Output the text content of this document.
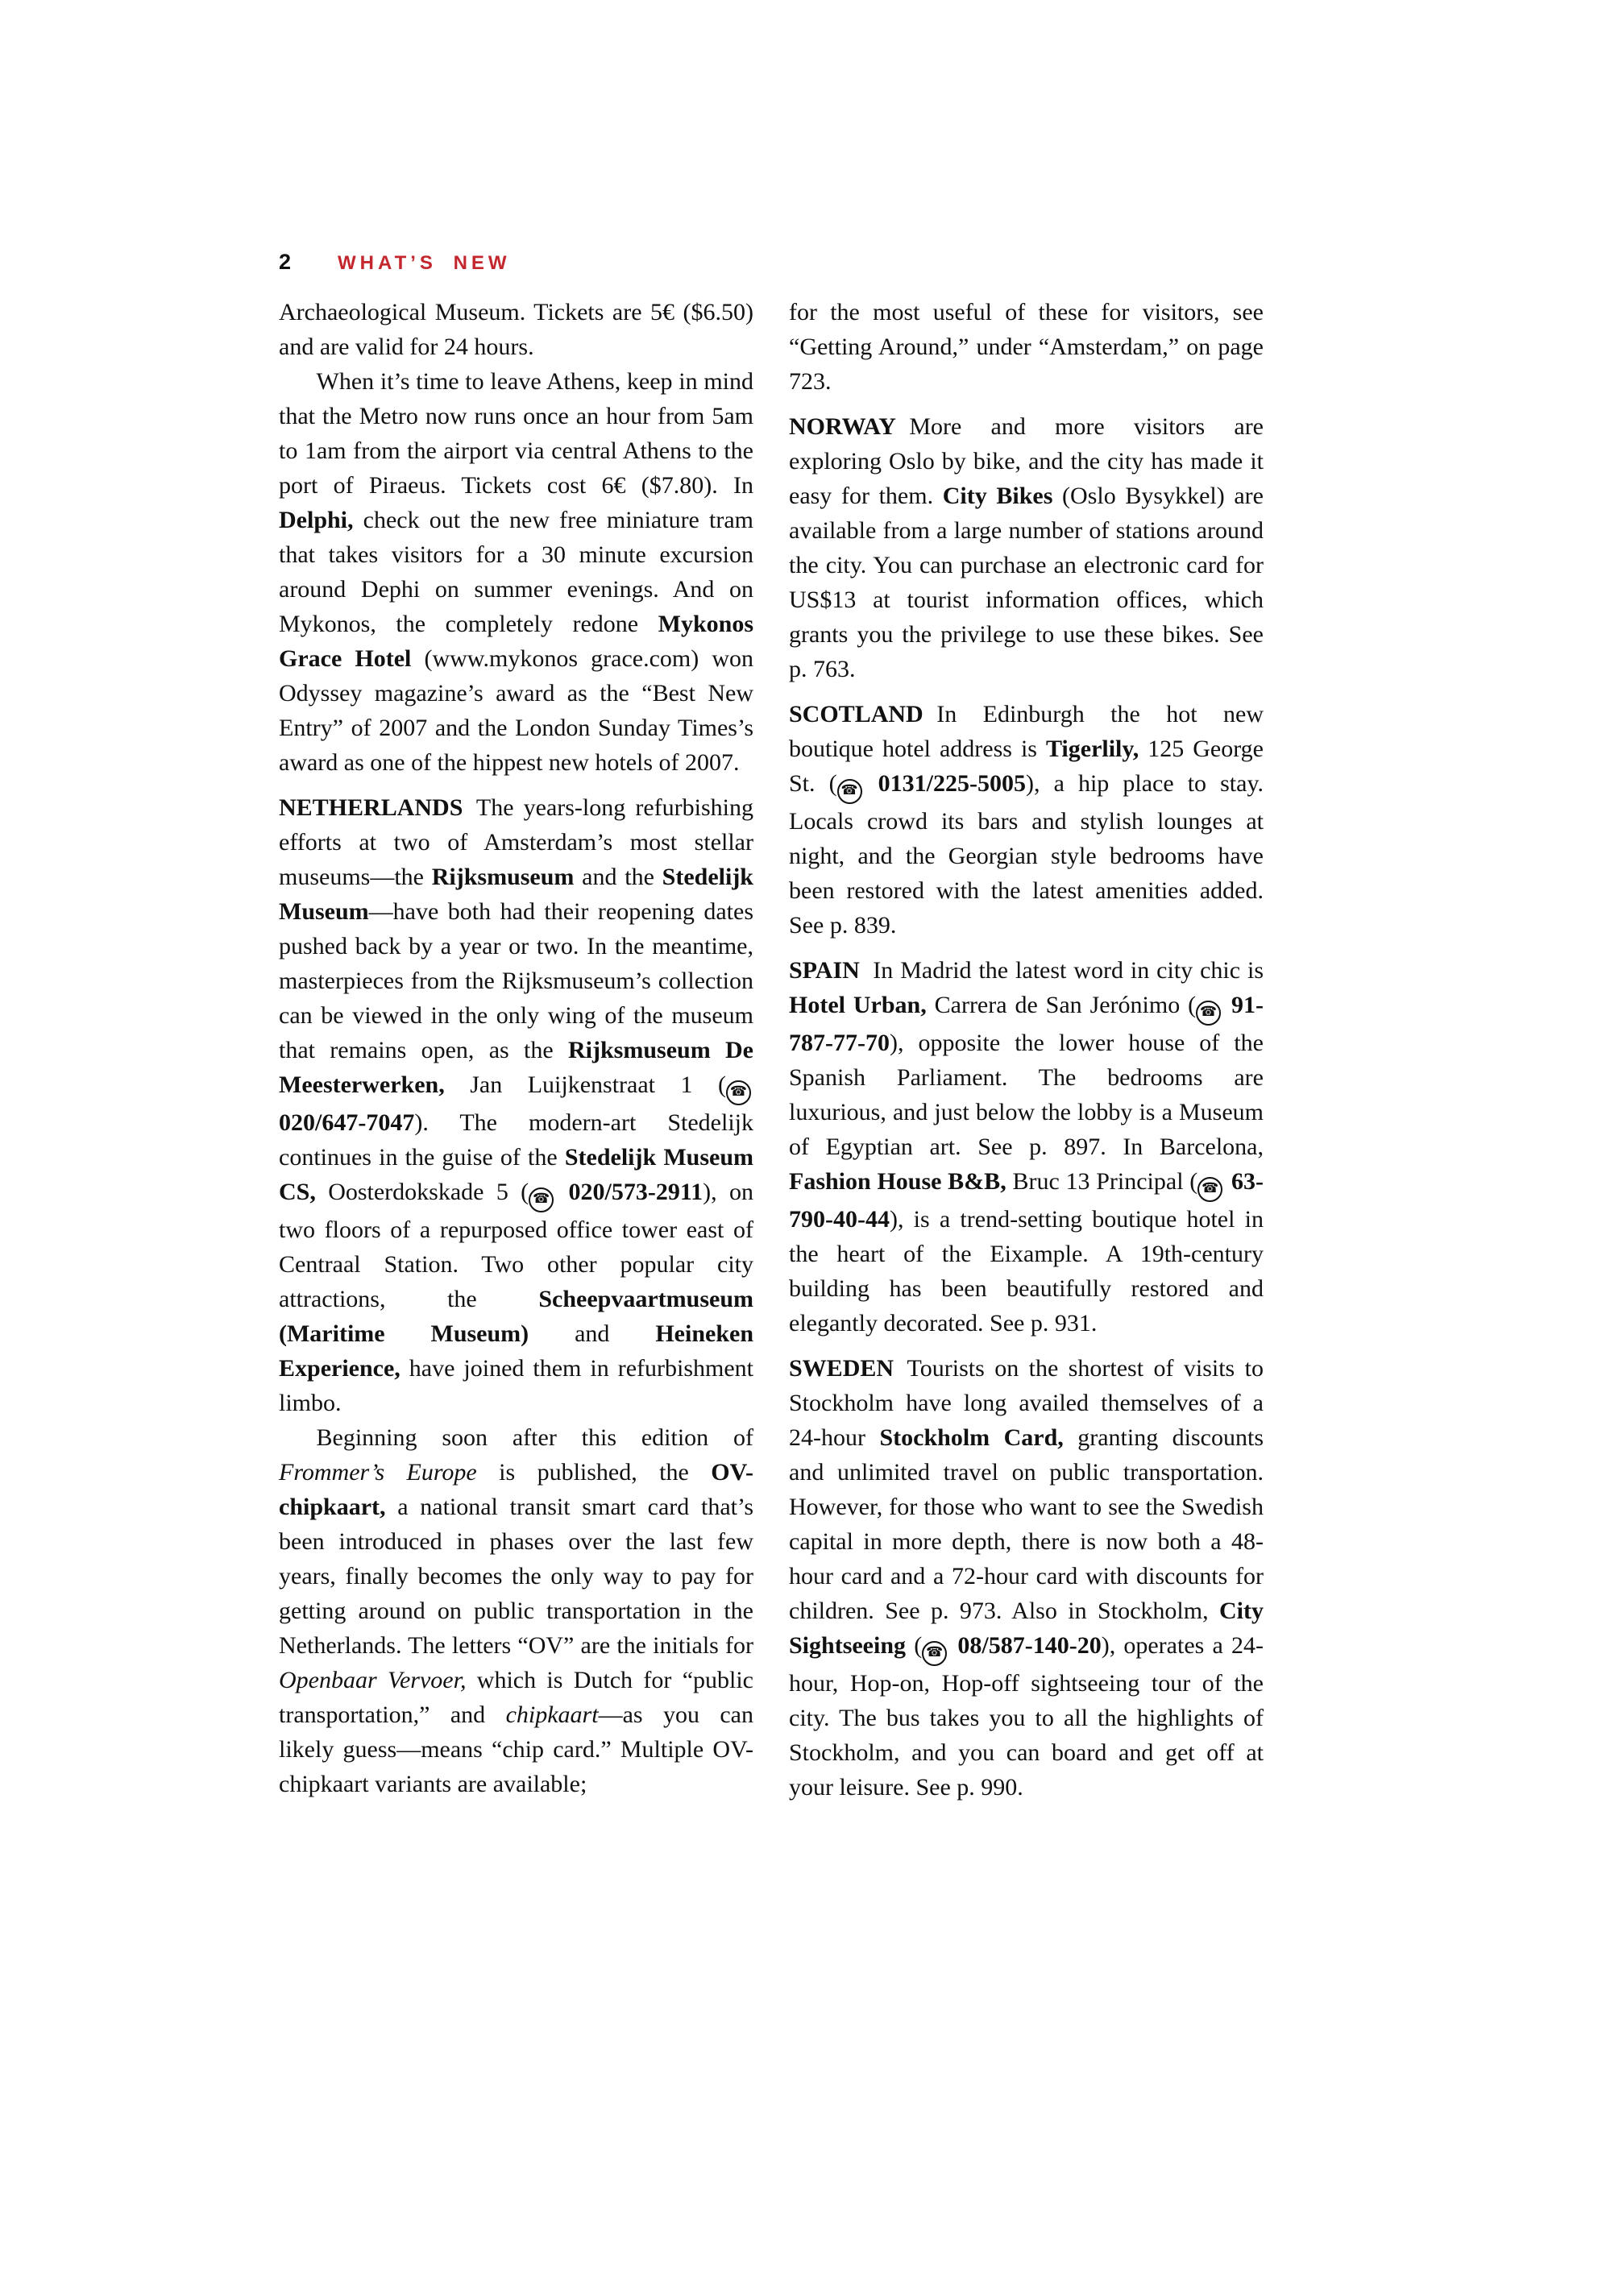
2 WHAT’S NEW

Archaeological Museum. Tickets are 5€ ($6.50) and are valid for 24 hours.

When it’s time to leave Athens, keep in mind that the Metro now runs once an hour from 5am to 1am from the airport via central Athens to the port of Piraeus. Tickets cost 6€ ($7.80). In Delphi, check out the new free miniature tram that takes visitors for a 30 minute excursion around Dephi on summer evenings. And on Mykonos, the completely redone Mykonos Grace Hotel (www.mykonos grace.com) won Odyssey magazine’s award as the “Best New Entry” of 2007 and the London Sunday Times’s award as one of the hippest new hotels of 2007.

NETHERLANDS The years-long refurbishing efforts at two of Amsterdam’s most stellar museums—the Rijksmuseum and the Stedelijk Museum—have both had their reopening dates pushed back by a year or two. In the meantime, masterpieces from the Rijksmuseum’s collection can be viewed in the only wing of the museum that remains open, as the Rijksmuseum De Meesterwerken, Jan Luijkenstraat 1 ( ☎ 020/647-7047). The modern-art Stedelijk continues in the guise of the Stedelijk Museum CS, Oosterdokskade 5 ( ☎ 020/573-2911), on two floors of a repurposed office tower east of Centraal Station. Two other popular city attractions, the Scheepvaartmuseum (Maritime Museum) and Heineken Experience, have joined them in refurbishment limbo.

Beginning soon after this edition of Frommer’s Europe is published, the OV-chipkaart, a national transit smart card that’s been introduced in phases over the last few years, finally becomes the only way to pay for getting around on public transportation in the Netherlands. The letters “OV” are the initials for Openbaar Vervoer, which is Dutch for “public transportation,” and chipkaart—as you can likely guess—means “chip card.” Multiple OV-chipkaart variants are available;

for the most useful of these for visitors, see “Getting Around,” under “Amsterdam,” on page 723.

NORWAY More and more visitors are exploring Oslo by bike, and the city has made it easy for them. City Bikes (Oslo Bysykkel) are available from a large number of stations around the city. You can purchase an electronic card for US$13 at tourist information offices, which grants you the privilege to use these bikes. See p. 763.

SCOTLAND In Edinburgh the hot new boutique hotel address is Tigerlily, 125 George St. ( ☎ 0131/225-5005), a hip place to stay. Locals crowd its bars and stylish lounges at night, and the Georgian style bedrooms have been restored with the latest amenities added. See p. 839.

SPAIN In Madrid the latest word in city chic is Hotel Urban, Carrera de San Jerónimo ( ☎ 91-787-77-70), opposite the lower house of the Spanish Parliament. The bedrooms are luxurious, and just below the lobby is a Museum of Egyptian art. See p. 897. In Barcelona, Fashion House B&B, Bruc 13 Principal ( ☎ 63-790-40-44), is a trend-setting boutique hotel in the heart of the Eixample. A 19th-century building has been beautifully restored and elegantly decorated. See p. 931.

SWEDEN Tourists on the shortest of visits to Stockholm have long availed themselves of a 24-hour Stockholm Card, granting discounts and unlimited travel on public transportation. However, for those who want to see the Swedish capital in more depth, there is now both a 48-hour card and a 72-hour card with discounts for children. See p. 973. Also in Stockholm, City Sightseeing ( ☎ 08/587-140-20), operates a 24-hour, Hop-on, Hop-off sightseeing tour of the city. The bus takes you to all the highlights of Stockholm, and you can board and get off at your leisure. See p. 990.
